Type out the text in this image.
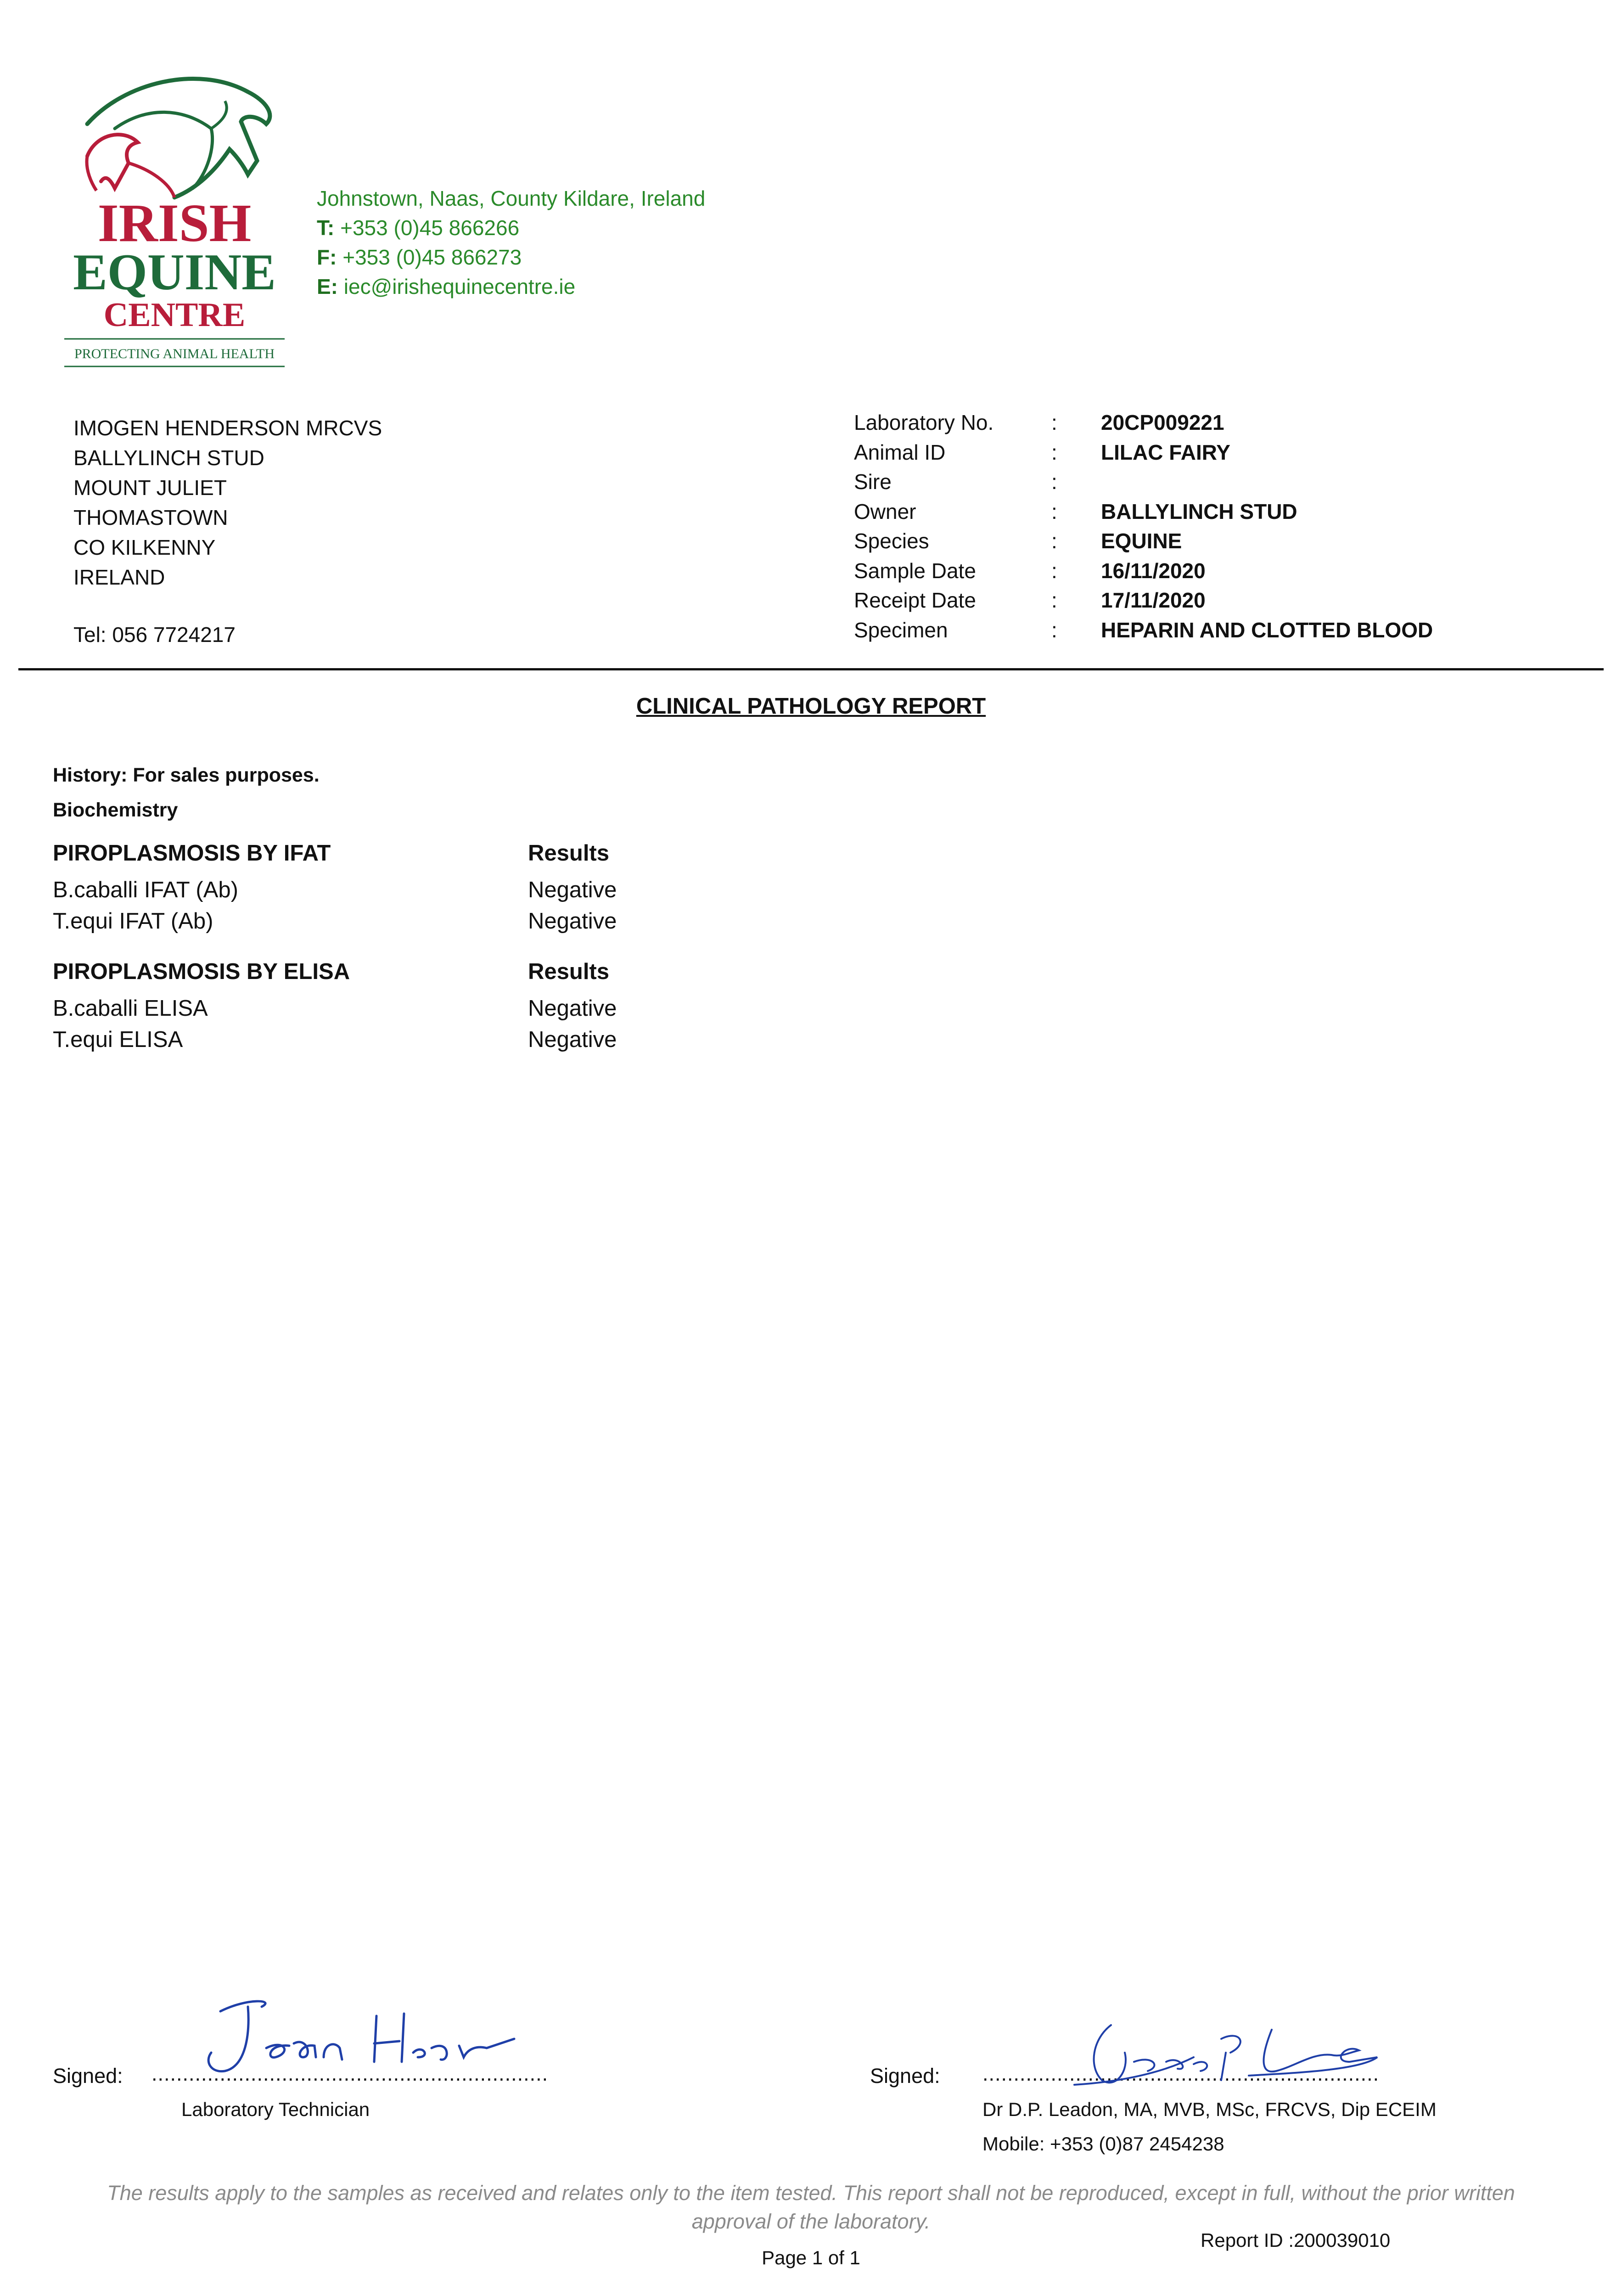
IRISH
EQUINE
CENTRE
PROTECTING ANIMAL HEALTH
Johnstown, Naas, County Kildare, Ireland
T: +353 (0)45 866266
F: +353 (0)45 866273
E: iec@irishequinecentre.ie
IMOGEN HENDERSON MRCVS
BALLYLINCH STUD
MOUNT JULIET
THOMASTOWN
CO KILKENNY
IRELAND
Tel: 056 7724217
Laboratory No.	:	20CP009221
Animal ID	:	LILAC FAIRY
Sire	:
Owner	:	BALLYLINCH STUD
Species	:	EQUINE
Sample Date	:	16/11/2020
Receipt Date	:	17/11/2020
Specimen	:	HEPARIN AND CLOTTED BLOOD
CLINICAL PATHOLOGY REPORT
History: For sales purposes.
Biochemistry
PIROPLASMOSIS BY IFAT	Results
B.caballi IFAT (Ab)	Negative
T.equi IFAT (Ab)	Negative
PIROPLASMOSIS BY ELISA	Results
B.caballi ELISA	Negative
T.equi ELISA	Negative
Signed: ................................................................
Laboratory Technician
Signed: ................................................................
Dr D.P. Leadon, MA, MVB, MSc, FRCVS, Dip ECEIM
Mobile: +353 (0)87 2454238
The results apply to the samples as received and relates only to the item tested. This report shall not be reproduced, except in full, without the prior written approval of the laboratory.
Report ID :200039010
Page 1 of 1
